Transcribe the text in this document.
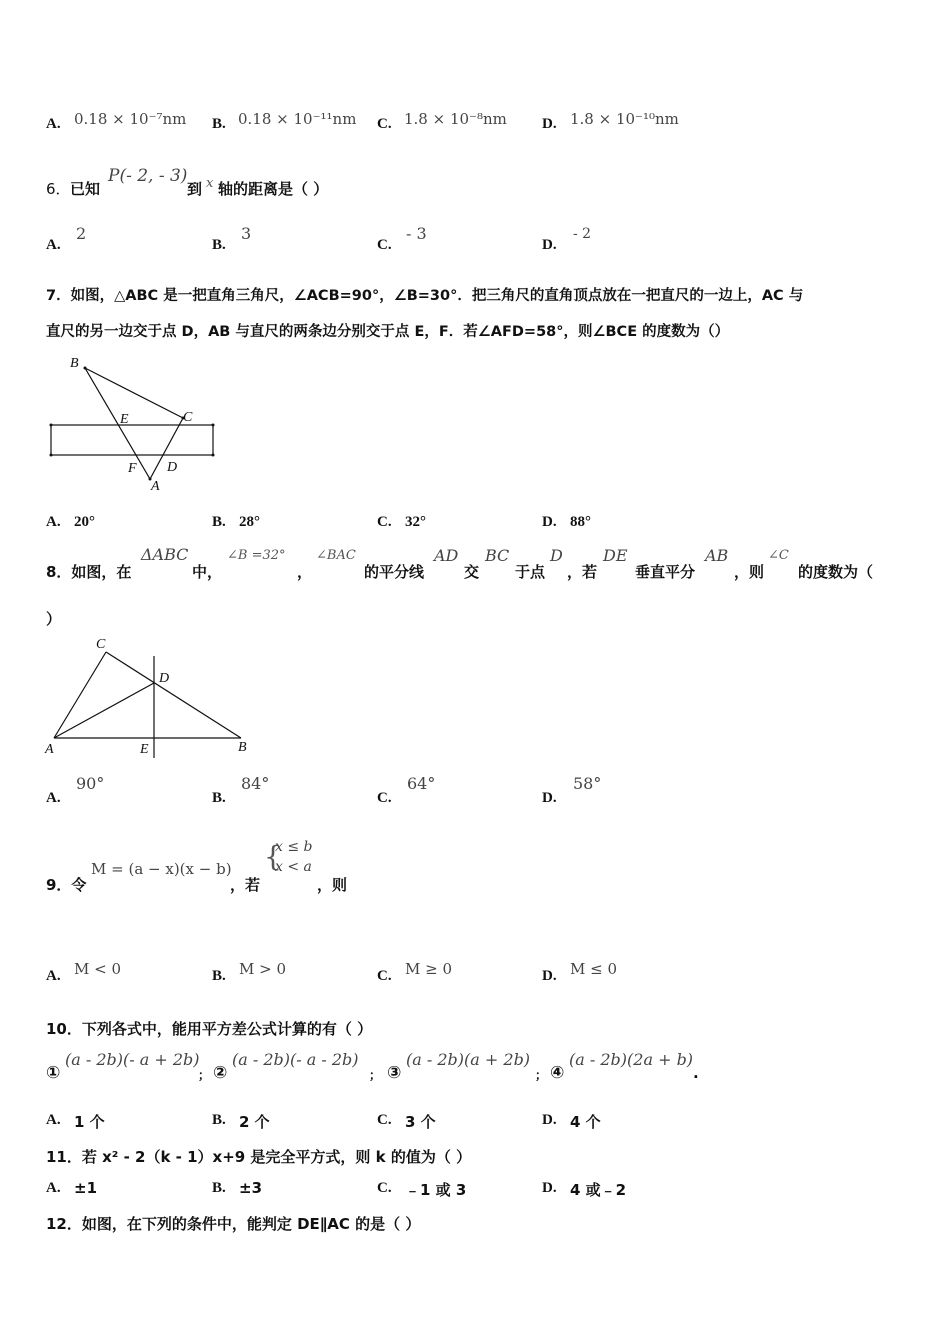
A. 0.18 × 10⁻⁷nm B. 0.18 × 10⁻¹¹nm C. 1.8 × 10⁻⁸nm D. 1.8 × 10⁻¹⁰nm
6． 已知
P(- 2, - 3)
到 x 轴的距离是（ ）
A.
2
B.
3
C.
- 3
D.
- 2
7．如图，△ABC 是一把直角三角尺，∠ACB=90°，∠B=30°．把三角尺的直角顶点放在一把直尺的一边上，AC 与
直尺的另一边交于点 D，AB 与直尺的两条边分别交于点 E，F．若∠AFD=58°，则∠BCE 的度数为（）
B
E	C
F D
A
A. 20°	B. 28°	C. 32°	D. 88°
8．如图，在
ΔABC
中，
∠B =32°
，
∠BAC
的平分线
AD
交
BC
于点
D
，若
DE
垂直平分
AB
，则
∠C
的度数为（
）
C
D
A	E	B
A.
90°
B.
84°
C.
64°
D.
58°
9．令
M = (a − x)(x − b)
，若
{
x ≤ b
x < a
，则
A. M < 0	B. M > 0	C. M ≥ 0	D. M ≤ 0
10．下列各式中，能用平方差公式计算的有（ ）
①
(a - 2b)(- a + 2b)
； ②
(a - 2b)(- a - 2b)
； ③
(a - 2b)(a + 2b)
； ④
(a - 2b)(2a + b)
.
A. 1 个	B. 2 个	C. 3 个	D. 4 个
11．若 x² - 2（k - 1）x+9 是完全平方式，则 k 的值为（ ）
A. ±1	B. ±3	C. ﹣1 或 3	D. 4 或﹣2
12．如图，在下列的条件中，能判定 DE∥AC 的是（ ）
